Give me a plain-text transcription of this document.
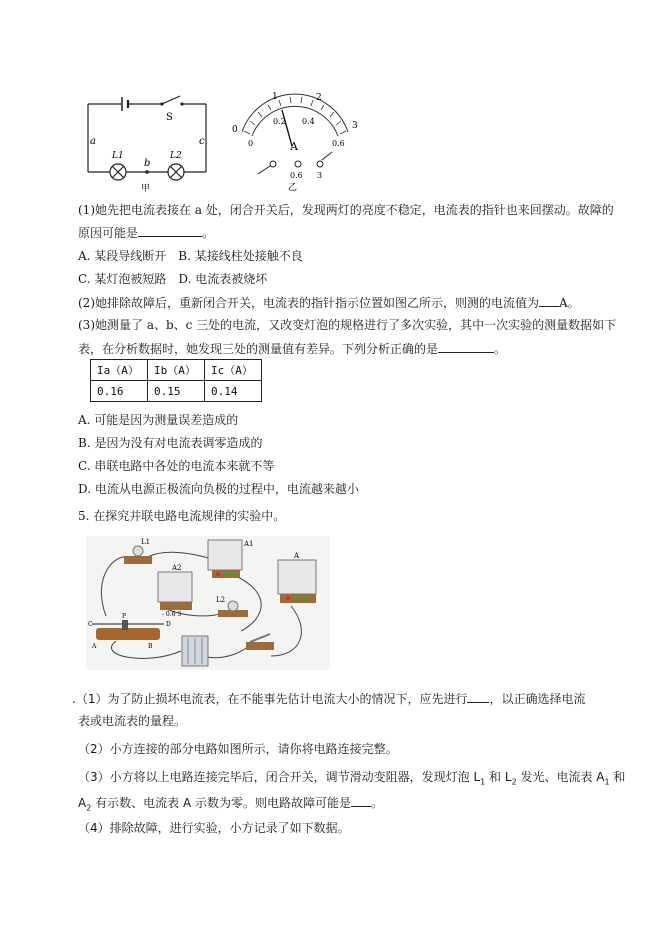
S
a
b
c
L1	L2
甲
0
1	2
3
0
0.2 0.4
0.6
A
0.6 3
乙
(1)她先把电流表接在 a 处，闭合开关后，发现两灯的亮度不稳定，电流表的指针也来回摆动。故障的
原因可能是	。
A. 某段导线断开 B. 某接线柱处接触不良
C. 某灯泡被短路 D. 电流表被烧坏
(2)她排除故障后，重新闭合开关，电流表的指针指示位置如图乙所示，则测的电流值为 A。
(3)她测量了 a、b、c 三处的电流，又改变灯泡的规格进行了多次实验，其中一次实验的测量数据如下
表，在分析数据时，她发现三处的测量值有差异。下列分析正确的是	。
Ia（A）	Ib（A）	Ic（A）
0.16	0.15	0.14
A. 可能是因为测量误差造成的
B. 是因为没有对电流表调零造成的
C. 串联电路中各处的电流本来就不等
D. 电流从电源正极流向负极的过程中，电流越来越小
5. 在探究并联电路电流规律的实验中。
L1	A1
A2
- 0.6 3
A
L2
C
P
D
A	B
.（1）为了防止损坏电流表，在不能事先估计电流大小的情况下，应先进行 ，以正确选择电流
表或电流表的量程。
（2）小方连接的部分电路如图所示，请你将电路连接完整。
（3）小方将以上电路连接完毕后，闭合开关，调节滑动变阻器，发现灯泡 $L_1$ 和 $L_2$ 发光、电流表 $A_1$ 和
$A_2$ 有示数、电流表 A 示数为零。则电路故障可能是 。
（4）排除故障，进行实验，小方记录了如下数据。
